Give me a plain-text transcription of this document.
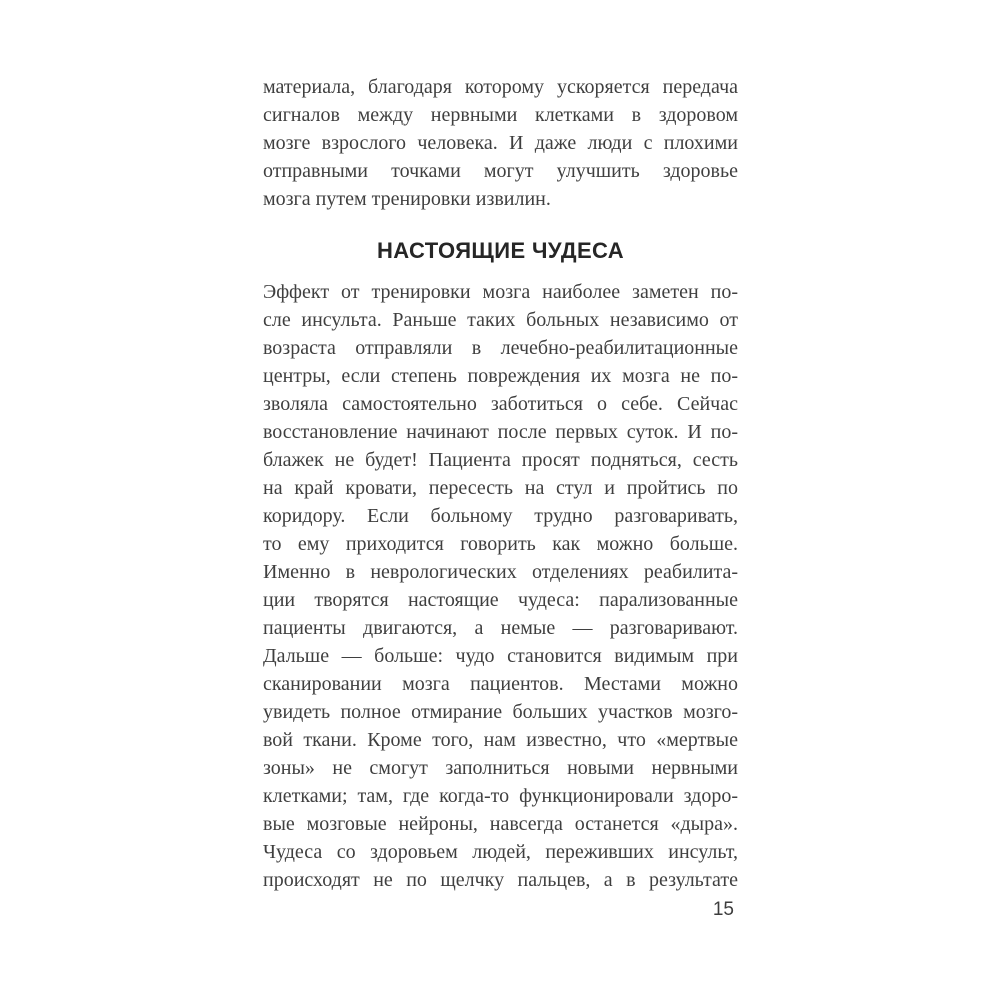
материала, благодаря которому ускоряется передача
сигналов между нервными клетками в здоровом
мозге взрослого человека. И даже люди с плохими
отправными точками могут улучшить здоровье
мозга путем тренировки извилин.
НАСТОЯЩИЕ ЧУДЕСА
Эффект от тренировки мозга наиболее заметен по-
сле инсульта. Раньше таких больных независимо от
возраста отправляли в лечебно-реабилитационные
центры, если степень повреждения их мозга не по-
зволяла самостоятельно заботиться о себе. Сейчас
восстановление начинают после первых суток. И по-
блажек не будет! Пациента просят подняться, сесть
на край кровати, пересесть на стул и пройтись по
коридору. Если больному трудно разговаривать,
то ему приходится говорить как можно больше.
Именно в неврологических отделениях реабилита-
ции творятся настоящие чудеса: парализованные
пациенты двигаются, а немые — разговаривают.
Дальше — больше: чудо становится видимым при
сканировании мозга пациентов. Местами можно
увидеть полное отмирание больших участков мозго-
вой ткани. Кроме того, нам известно, что «мертвые
зоны» не смогут заполниться новыми нервными
клетками; там, где когда-то функционировали здоро-
вые мозговые нейроны, навсегда останется «дыра».
Чудеса со здоровьем людей, переживших инсульт,
происходят не по щелчку пальцев, а в результате
15
